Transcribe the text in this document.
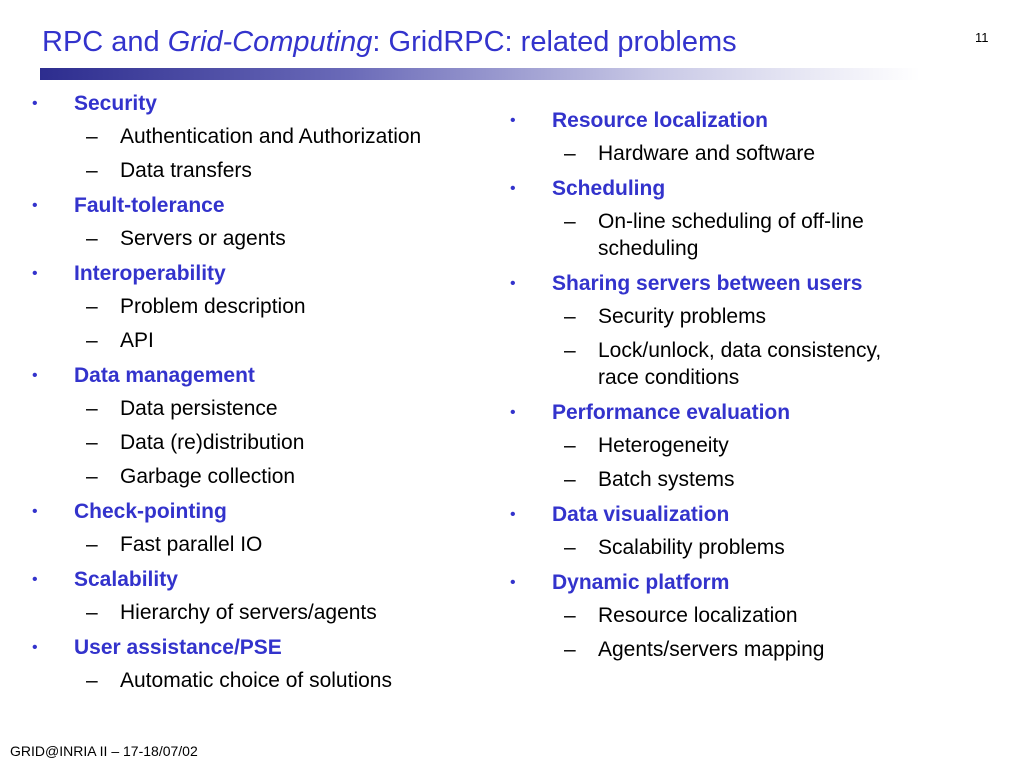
RPC and Grid-Computing: GridRPC: related problems	11
• Security
– Authentication and Authorization
– Data transfers
• Fault-tolerance
– Servers or agents
• Interoperability
– Problem description
– API
• Data management
– Data persistence
– Data (re)distribution
– Garbage collection
• Check-pointing
– Fast parallel IO
• Scalability
– Hierarchy of servers/agents
• User assistance/PSE
– Automatic choice of solutions
• Resource localization
– Hardware and software
• Scheduling
– On-line scheduling of off-line
scheduling
• Sharing servers between users
– Security problems
– Lock/unlock, data consistency,
race conditions
• Performance evaluation
– Heterogeneity
– Batch systems
• Data visualization
– Scalability problems
• Dynamic platform
– Resource localization
– Agents/servers mapping
GRID@INRIA II – 17-18/07/02
